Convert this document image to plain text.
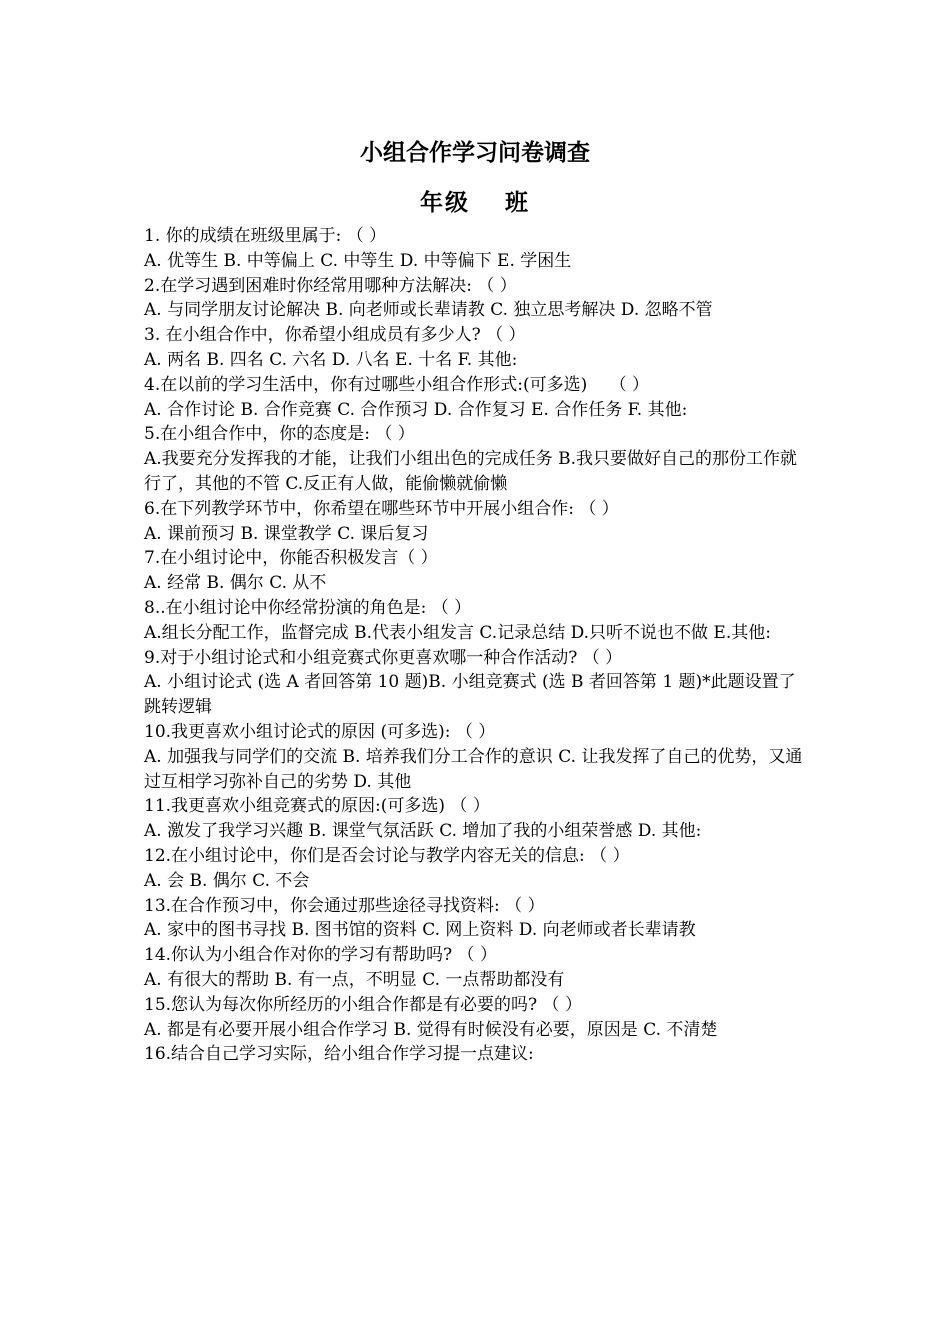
小组合作学习问卷调查
年级　 班

1. 你的成绩在班级里属于: （ ）

A. 优等生 B. 中等偏上 C. 中等生 D. 中等偏下 E. 学困生

2.在学习遇到困难时你经常用哪种方法解决: （ ）

A. 与同学朋友讨论解决 B. 向老师或长辈请教 C. 独立思考解决 D. 忽略不管

3. 在小组合作中，你希望小组成员有多少人? （ ）

A. 两名 B. 四名 C. 六名 D. 八名 E. 十名 F. 其他:

4.在以前的学习生活中，你有过哪些小组合作形式:(可多选)　 （ ）

A. 合作讨论 B. 合作竞赛 C. 合作预习 D. 合作复习 E. 合作任务 F. 其他:

5.在小组合作中，你的态度是: （ ）

A.我要充分发挥我的才能，让我们小组出色的完成任务 B.我只要做好自己的那份工作就行了，其他的不管 C.反正有人做，能偷懒就偷懒

6.在下列教学环节中，你希望在哪些环节中开展小组合作: （ ）

A. 课前预习 B. 课堂教学 C. 课后复习

7.在小组讨论中，你能否积极发言（ ）

A. 经常 B. 偶尔 C. 从不

8..在小组讨论中你经常扮演的角色是: （ ）

A.组长分配工作，监督完成 B.代表小组发言 C.记录总结 D.只听不说也不做 E.其他:

9.对于小组讨论式和小组竞赛式你更喜欢哪一种合作活动? （ ）

A. 小组讨论式 (选 A 者回答第 10 题)B. 小组竞赛式 (选 B 者回答第 1 题)*此题设置了跳转逻辑

10.我更喜欢小组讨论式的原因 (可多选): （ ）

A. 加强我与同学们的交流 B. 培养我们分工合作的意识 C. 让我发挥了自己的优势，又通过互相学习弥补自己的劣势 D. 其他

11.我更喜欢小组竞赛式的原因:(可多选) （ ）

A. 激发了我学习兴趣 B. 课堂气氛活跃 C. 增加了我的小组荣誉感 D. 其他:

12.在小组讨论中，你们是否会讨论与教学内容无关的信息: （ ）

A. 会 B. 偶尔 C. 不会

13.在合作预习中，你会通过那些途径寻找资料: （ ）

A. 家中的图书寻找 B. 图书馆的资料 C. 网上资料 D. 向老师或者长辈请教

14.你认为小组合作对你的学习有帮助吗? （ ）

A. 有很大的帮助 B. 有一点，不明显 C. 一点帮助都没有

15.您认为每次你所经历的小组合作都是有必要的吗? （ ）

A. 都是有必要开展小组合作学习 B. 觉得有时候没有必要，原因是 C. 不清楚

16.结合自己学习实际，给小组合作学习提一点建议:
